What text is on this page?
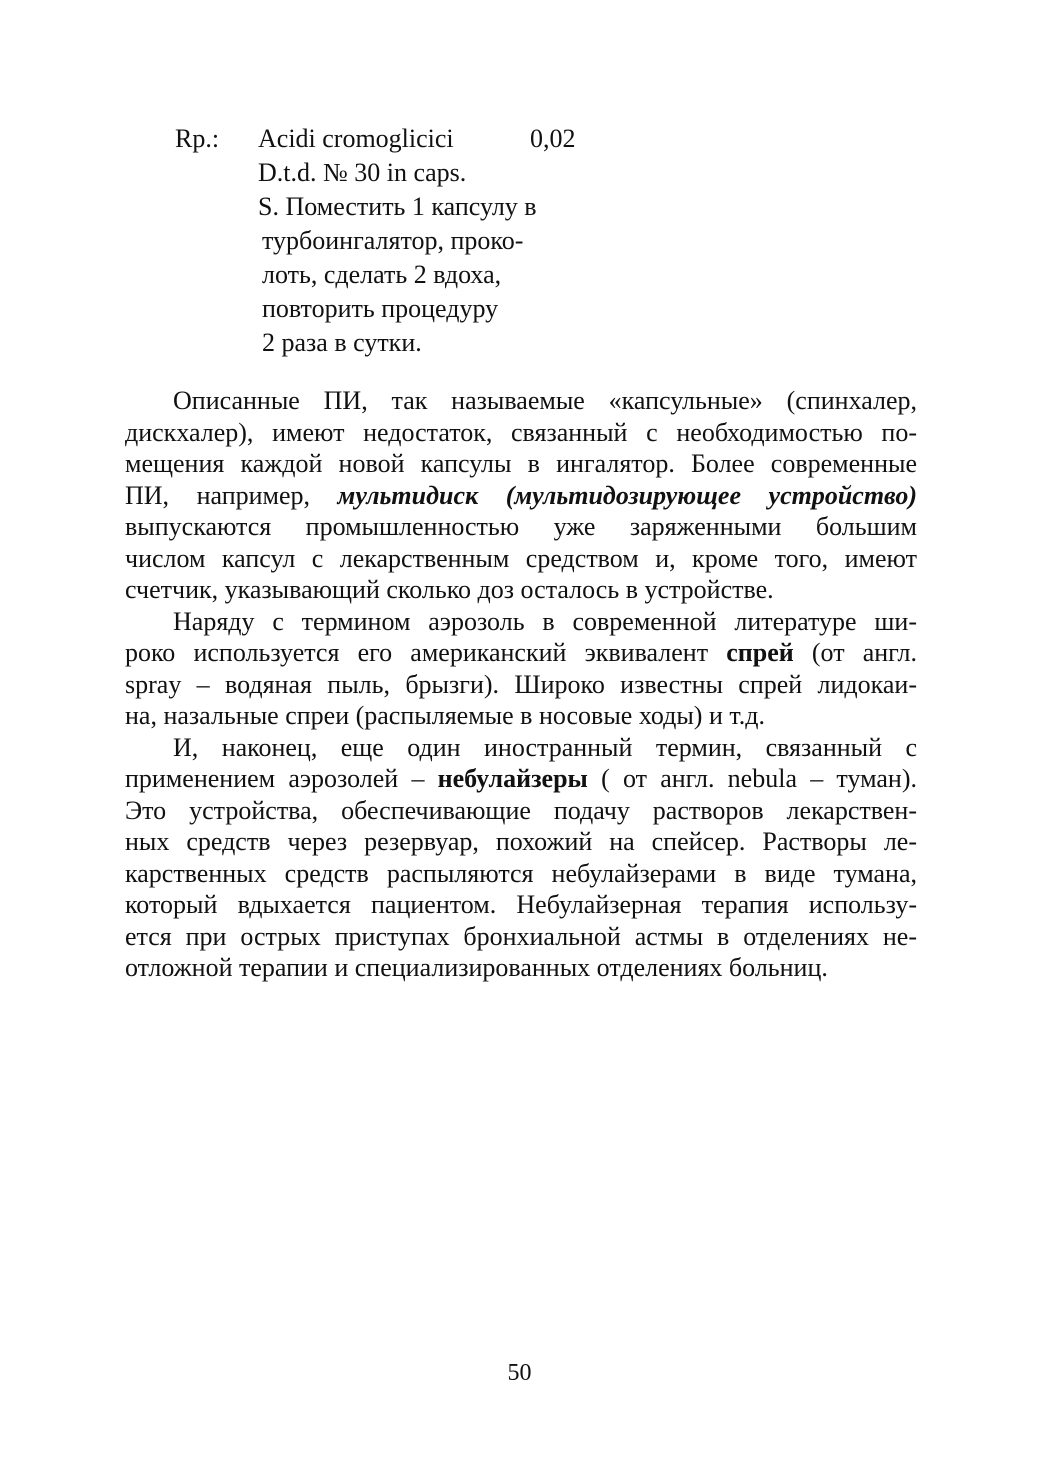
Rp.: Acidi cromoglicici	0,02
D.t.d. № 30 in caps.
S. Поместить 1 капсулу в
турбоингалятор, проко-
лоть, сделать 2 вдоха,
повторить процедуру
2 раза в сутки.
Описанные ПИ, так называемые «капсульные» (спинхалер,
дискхалер), имеют недостаток, связанный с необходимостью по-
мещения каждой новой капсулы в ингалятор. Более современные
ПИ, например, мультидиск (мультидозирующее устройство)
выпускаются промышленностью уже заряженными большим
числом капсул с лекарственным средством и, кроме того, имеют
счетчик, указывающий сколько доз осталось в устройстве.
Наряду с термином аэрозоль в современной литературе ши-
роко используется его американский эквивалент спрей (от англ.
spray – водяная пыль, брызги). Широко известны спрей лидокаи-
на, назальные спреи (распыляемые в носовые ходы) и т.д.
И, наконец, еще один иностранный термин, связанный с
применением аэрозолей – небулайзеры ( от англ. nebula – туман).
Это устройства, обеспечивающие подачу растворов лекарствен-
ных средств через резервуар, похожий на спейсер. Растворы ле-
карственных средств распыляются небулайзерами в виде тумана,
который вдыхается пациентом. Небулайзерная терапия использу-
ется при острых приступах бронхиальной астмы в отделениях не-
отложной терапии и специализированных отделениях больниц.
50
